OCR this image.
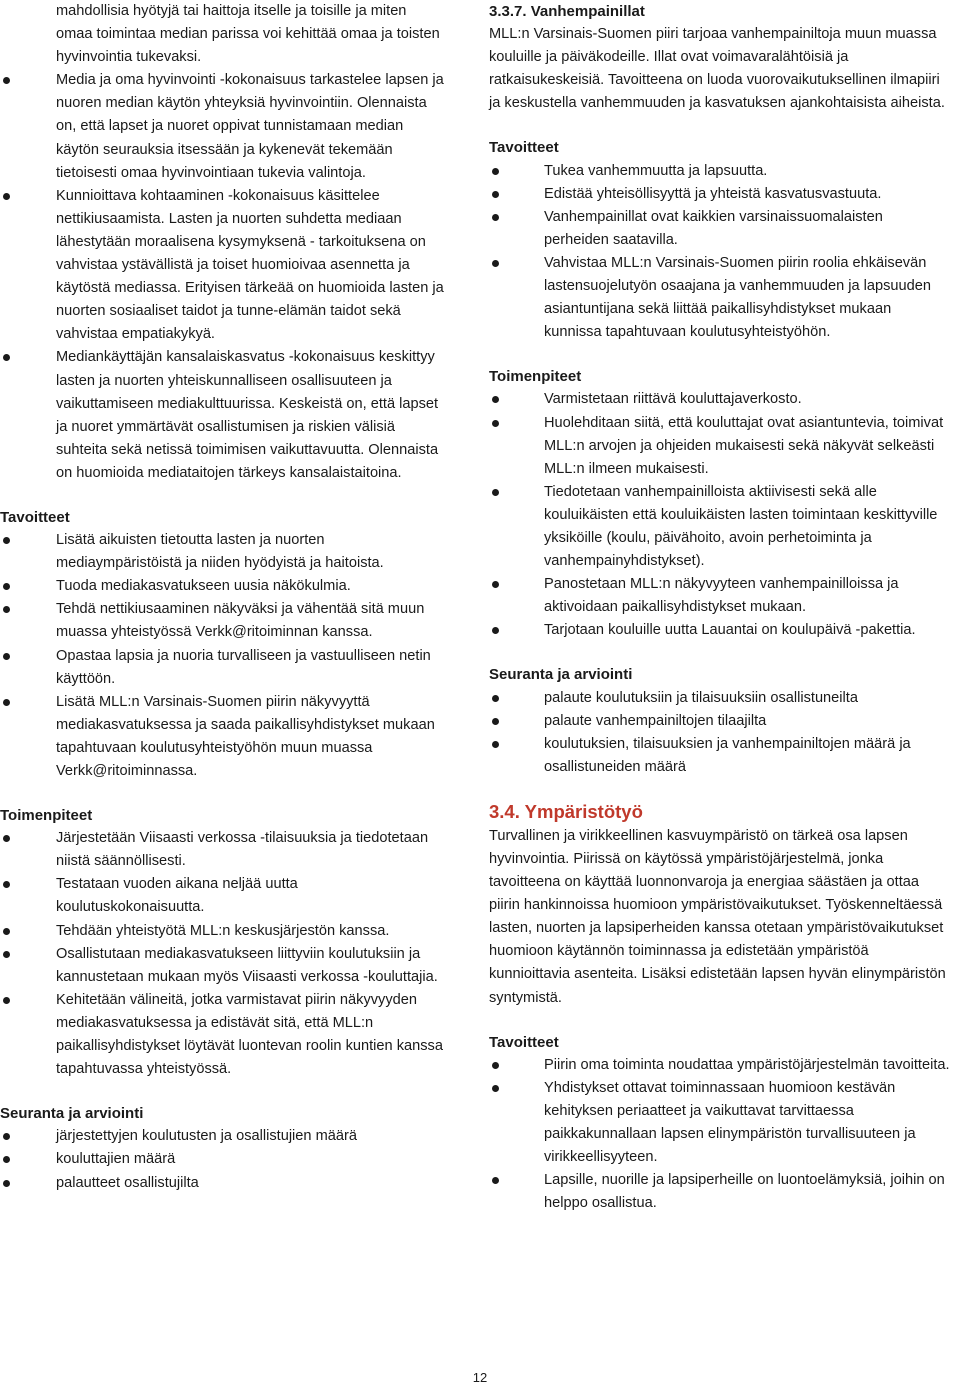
mahdollisia hyötyjä tai haittoja itselle ja toisille ja miten omaa toimintaa median parissa voi kehittää omaa ja toisten hyvinvointia tukevaksi.

Media ja oma hyvinvointi -kokonaisuus tarkastelee lapsen ja nuoren median käytön yhteyksiä hyvinvointiin. Olennaista on, että lapset ja nuoret oppivat tunnistamaan median käytön seurauksia itsessään ja kykenevät tekemään tietoisesti omaa hyvinvointiaan tukevia valintoja.
Kunnioittava kohtaaminen -kokonaisuus käsittelee nettikiusaamista. Lasten ja nuorten suhdetta mediaan lähestytään moraalisena kysymyksenä - tarkoituksena on vahvistaa ystävällistä ja toiset huomioivaa asennetta ja käytöstä mediassa. Erityisen tärkeää on huomioida lasten ja nuorten sosiaaliset taidot ja tunne-elämän taidot sekä vahvistaa empatiakykyä.
Mediankäyttäjän kansalaiskasvatus -kokonaisuus keskittyy lasten ja nuorten yhteiskunnalliseen osallisuuteen ja vaikuttamiseen mediakulttuurissa. Keskeistä on, että lapset ja nuoret ymmärtävät osallistumisen ja riskien välisiä suhteita sekä netissä toimimisen vaikuttavuutta. Olennaista on huomioida mediataitojen tärkeys kansalaistaitoina.

Tavoitteet

Lisätä aikuisten tietoutta lasten ja nuorten mediaympäristöistä ja niiden hyödyistä ja haitoista.
Tuoda mediakasvatukseen uusia näkökulmia.
Tehdä nettikiusaaminen näkyväksi ja vähentää sitä muun muassa yhteistyössä Verkk@ritoiminnan kanssa.
Opastaa lapsia ja nuoria turvalliseen ja vastuulliseen netin käyttöön.
Lisätä MLL:n Varsinais-Suomen piirin näkyvyyttä mediakasvatuksessa ja saada paikallisyhdistykset mukaan tapahtuvaan koulutusyhteistyöhön muun muassa Verkk@ritoiminnassa.

Toimenpiteet

Järjestetään Viisaasti verkossa -tilaisuuksia ja tiedotetaan niistä säännöllisesti.
Testataan vuoden aikana neljää uutta koulutuskokonaisuutta.
Tehdään yhteistyötä MLL:n keskusjärjestön kanssa.
Osallistutaan mediakasvatukseen liittyviin koulutuksiin ja kannustetaan mukaan myös Viisaasti verkossa -kouluttajia.
Kehitetään välineitä, jotka varmistavat piirin näkyvyyden mediakasvatuksessa ja edistävät sitä, että MLL:n paikallisyhdistykset löytävät luontevan roolin kuntien kanssa tapahtuvassa yhteistyössä.

Seuranta ja arviointi

järjestettyjen koulutusten ja osallistujien määrä
kouluttajien määrä
palautteet osallistujilta

3.3.7. Vanhempainillat

MLL:n Varsinais-Suomen piiri tarjoaa vanhempainiltoja muun muassa kouluille ja päiväkodeille. Illat ovat voimavaralähtöisiä ja ratkaisukeskeisiä. Tavoitteena on luoda vuorovaikutuksellinen ilmapiiri ja keskustella vanhemmuuden ja kasvatuksen ajankohtaisista aiheista.

Tavoitteet

Tukea vanhemmuutta ja lapsuutta.
Edistää yhteisöllisyyttä ja yhteistä kasvatusvastuuta.
Vanhempainillat ovat kaikkien varsinaissuomalaisten perheiden saatavilla.
Vahvistaa MLL:n Varsinais-Suomen piirin roolia ehkäisevän lastensuojelutyön osaajana ja vanhemmuuden ja lapsuuden asiantuntijana sekä liittää paikallisyhdistykset mukaan kunnissa tapahtuvaan koulutusyhteistyöhön.

Toimenpiteet

Varmistetaan riittävä kouluttajaverkosto.
Huolehditaan siitä, että kouluttajat ovat asiantuntevia, toimivat MLL:n arvojen ja ohjeiden mukaisesti sekä näkyvät selkeästi MLL:n ilmeen mukaisesti.
Tiedotetaan vanhempainilloista aktiivisesti sekä alle kouluikäisten että kouluikäisten lasten toimintaan keskittyville yksiköille (koulu, päivähoito, avoin perhetoiminta ja vanhempainyhdistykset).
Panostetaan MLL:n näkyvyyteen vanhempainilloissa ja aktivoidaan paikallisyhdistykset mukaan.
Tarjotaan kouluille uutta Lauantai on koulupäivä -pakettia.

Seuranta ja arviointi

palaute koulutuksiin ja tilaisuuksiin osallistuneilta
palaute vanhempainiltojen tilaajilta
koulutuksien, tilaisuuksien ja vanhempainiltojen määrä ja osallistuneiden määrä

3.4. Ympäristötyö

Turvallinen ja virikkeellinen kasvuympäristö on tärkeä osa lapsen hyvinvointia. Piirissä on käytössä ympäristöjärjestelmä, jonka tavoitteena on käyttää luonnonvaroja ja energiaa säästäen ja ottaa piirin hankinnoissa huomioon ympäristövaikutukset. Työskenneltäessä lasten, nuorten ja lapsiperheiden kanssa otetaan ympäristövaikutukset huomioon käytännön toiminnassa ja edistetään ympäristöä kunnioittavia asenteita. Lisäksi edistetään lapsen hyvän elinympäristön syntymistä.

Tavoitteet

Piirin oma toiminta noudattaa ympäristöjärjestelmän tavoitteita.
Yhdistykset ottavat toiminnassaan huomioon kestävän kehityksen periaatteet ja vaikuttavat tarvittaessa paikkakunnallaan lapsen elinympäristön turvallisuuteen ja virikkeellisyyteen.
Lapsille, nuorille ja lapsiperheille on luontoelämyksiä, joihin on helppo osallistua.
12
